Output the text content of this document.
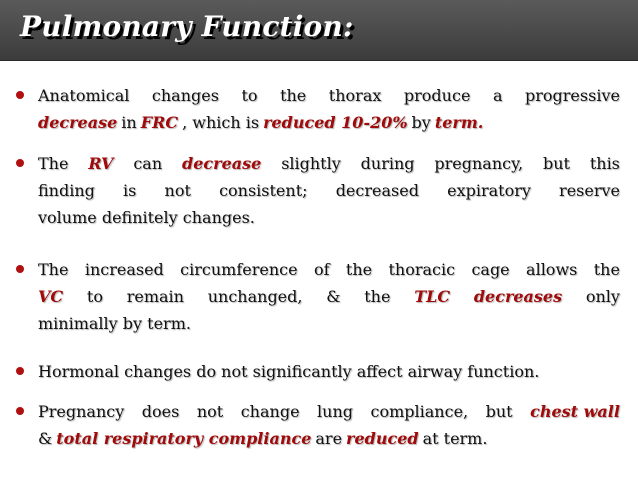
Pulmonary Function:
Anatomical changes to the thorax produce a progressive
decrease in FRC , which is reduced 10-20% by term.
The RV can decrease slightly during pregnancy, but this
finding is not consistent; decreased expiratory reserve
volume definitely changes.
The increased circumference of the thoracic cage allows the
VC to remain unchanged, & the TLC decreases only
minimally by term.
Hormonal changes do not significantly affect airway function.
Pregnancy does not change lung compliance, but chest wall
& total respiratory compliance are reduced at term.
